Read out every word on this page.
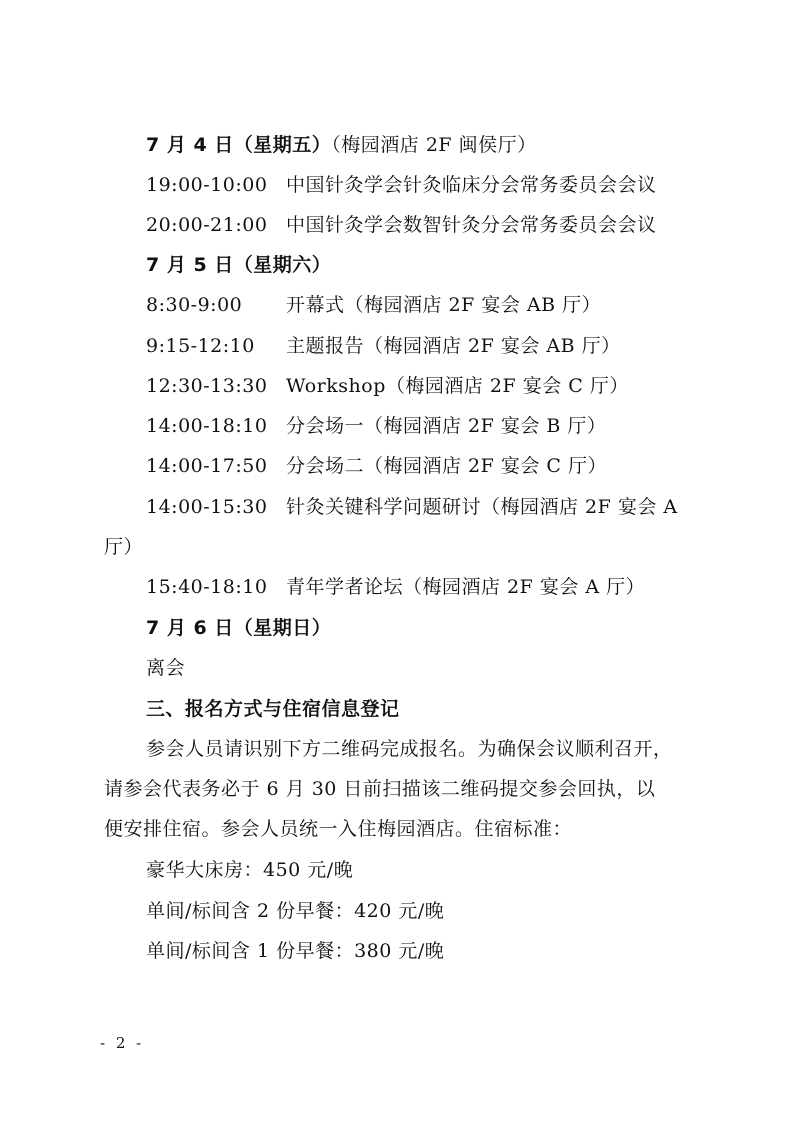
7 月 4 日（星期五）（梅园酒店 2F 闽侯厅）
19:00-10:00 中国针灸学会针灸临床分会常务委员会会议
20:00-21:00 中国针灸学会数智针灸分会常务委员会会议
7 月 5 日（星期六）
8:30-9:00 开幕式（梅园酒店 2F 宴会 AB 厅）
9:15-12:10 主题报告（梅园酒店 2F 宴会 AB 厅）
12:30-13:30 Workshop（梅园酒店 2F 宴会 C 厅）
14:00-18:10 分会场一（梅园酒店 2F 宴会 B 厅）
14:00-17:50 分会场二（梅园酒店 2F 宴会 C 厅）
14:00-15:30 针灸关键科学问题研讨（梅园酒店 2F 宴会 A
厅）
15:40-18:10 青年学者论坛（梅园酒店 2F 宴会 A 厅）
7 月 6 日（星期日）
离会
三、报名方式与住宿信息登记
参会人员请识别下方二维码完成报名。为确保会议顺利召开，
请参会代表务必于 6 月 30 日前扫描该二维码提交参会回执，以
便安排住宿。参会人员统一入住梅园酒店。住宿标准：
豪华大床房：450 元/晚
单间/标间含 2 份早餐：420 元/晚
单间/标间含 1 份早餐：380 元/晚
- 2 -
